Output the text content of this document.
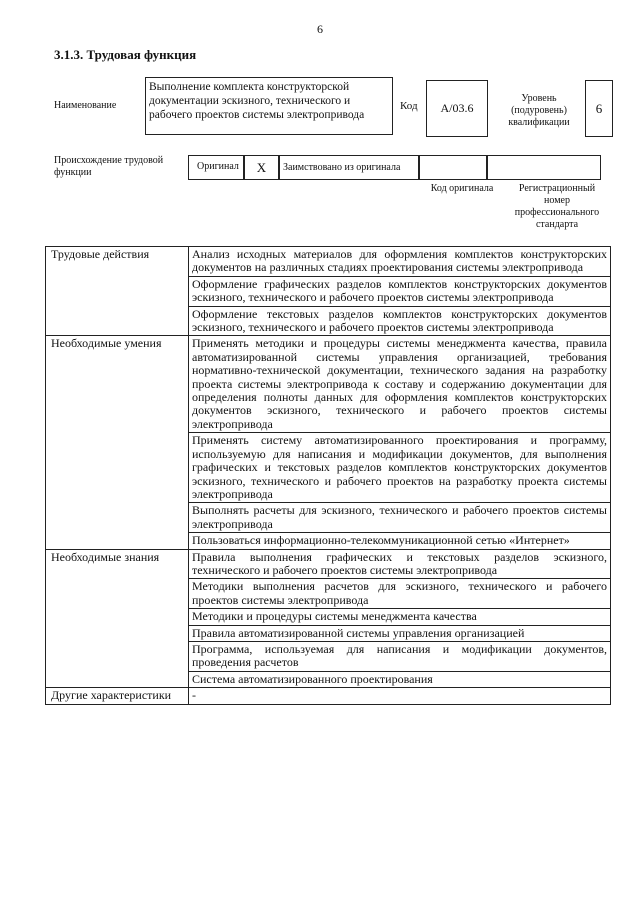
6
3.1.3. Трудовая функция
Наименование
Выполнение комплекта конструкторской документации эскизного, технического и рабочего проектов системы электропривода
Код	А/03.6
Уровень (подуровень) квалификации
6
Происхождение трудовой функции
Оригинал	X	Заимствовано из оригинала
Код оригинала	Регистрационный номер профессионального стандарта
Трудовые действия	Анализ исходных материалов для оформления комплектов конструкторских документов на различных стадиях проектирования системы электропривода
	Оформление графических разделов комплектов конструкторских документов эскизного, технического и рабочего проектов системы электропривода
	Оформление текстовых разделов комплектов конструкторских документов эскизного, технического и рабочего проектов системы электропривода
Необходимые умения	Применять методики и процедуры системы менеджмента качества, правила автоматизированной системы управления организацией, требования нормативно-технической документации, технического задания на разработку проекта системы электропривода к составу и содержанию документации для определения полноты данных для оформления комплектов конструкторских документов эскизного, технического и рабочего проектов системы электропривода
	Применять систему автоматизированного проектирования и программу, используемую для написания и модификации документов, для выполнения графических и текстовых разделов комплектов конструкторских документов эскизного, технического и рабочего проектов на разработку проекта системы электропривода
	Выполнять расчеты для эскизного, технического и рабочего проектов системы электропривода
	Пользоваться информационно-телекоммуникационной сетью «Интернет»
Необходимые знания	Правила выполнения графических и текстовых разделов эскизного, технического и рабочего проектов системы электропривода
	Методики выполнения расчетов для эскизного, технического и рабочего проектов системы электропривода
	Методики и процедуры системы менеджмента качества
	Правила автоматизированной системы управления организацией
	Программа, используемая для написания и модификации документов, проведения расчетов
	Система автоматизированного проектирования
Другие характеристики	-
